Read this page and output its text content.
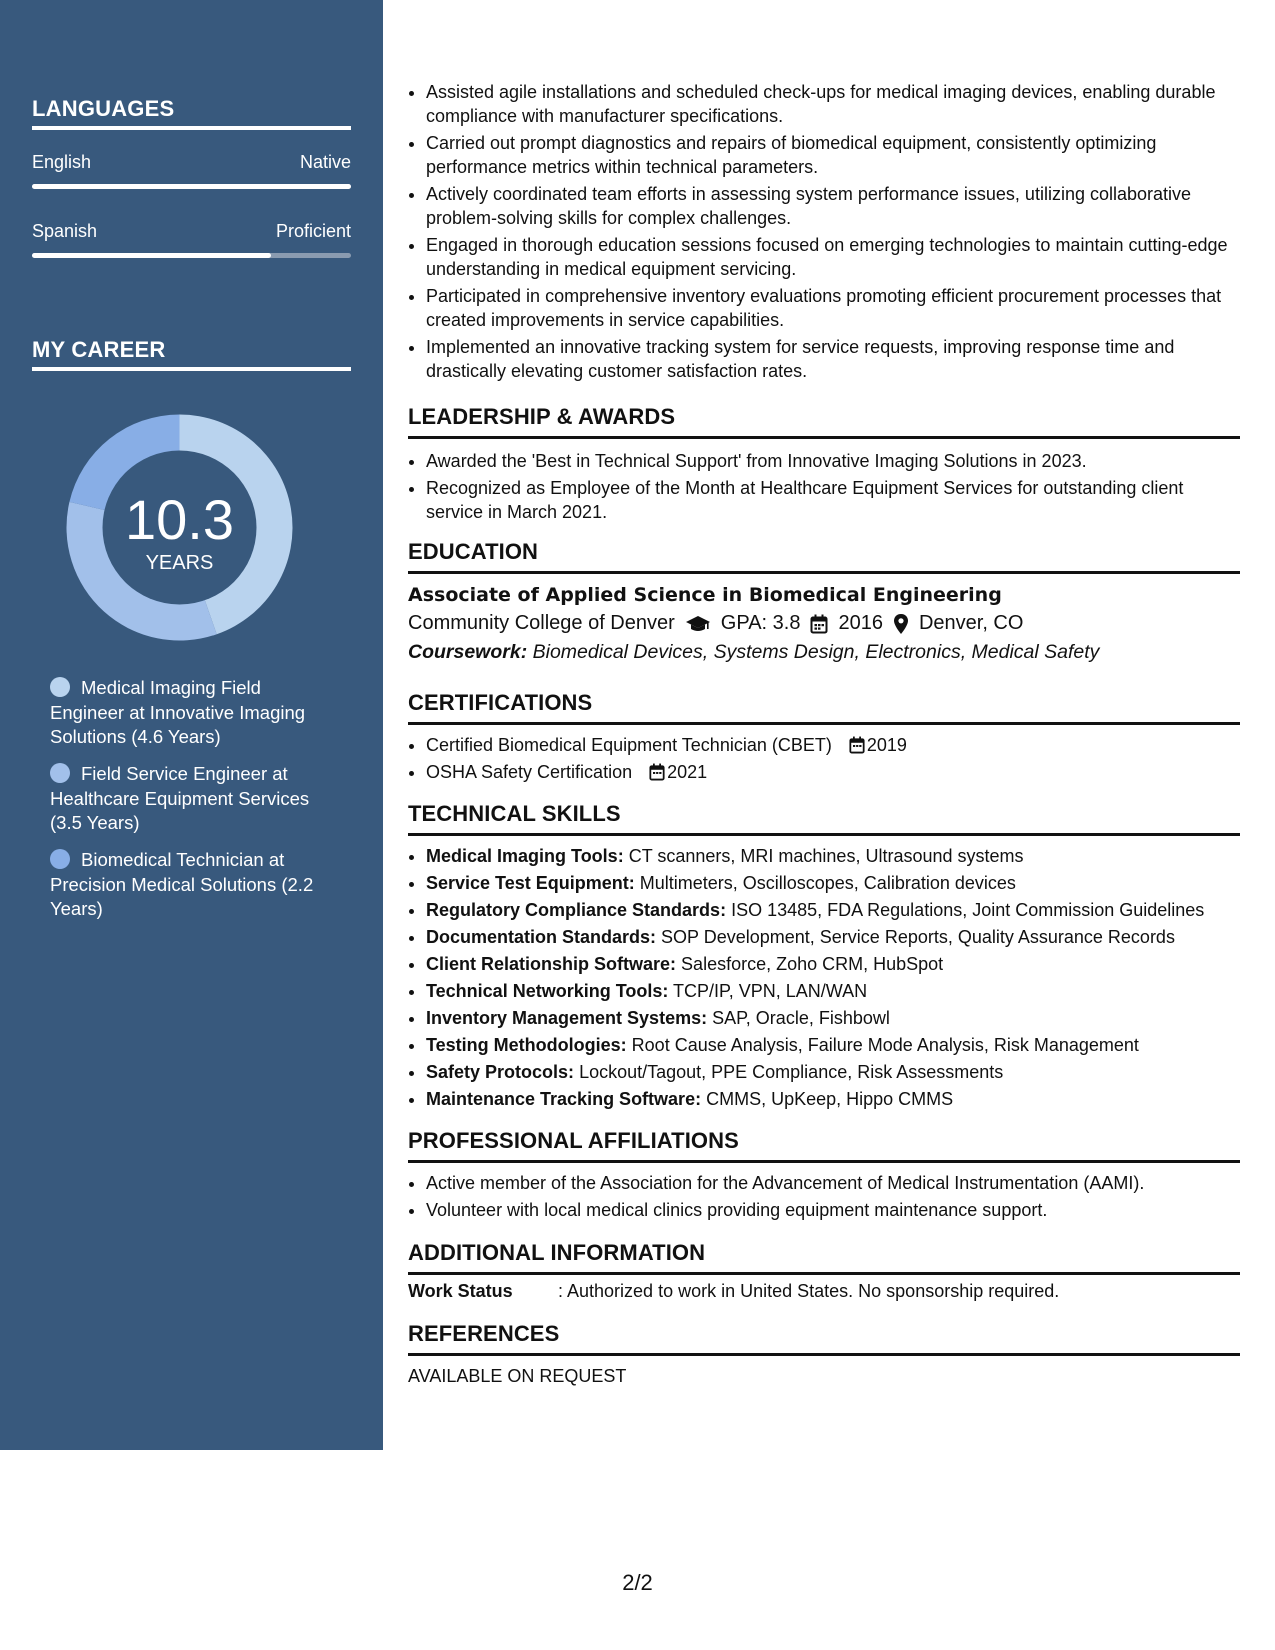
LANGUAGES
English	Native
Spanish	Proficient
MY CAREER
10.3
YEARS
Medical Imaging Field Engineer at Innovative Imaging Solutions (4.6 Years)
Field Service Engineer at Healthcare Equipment Services (3.5 Years)
Biomedical Technician at Precision Medical Solutions (2.2 Years)
• Assisted agile installations and scheduled check-ups for medical imaging devices, enabling durable compliance with manufacturer specifications.
• Carried out prompt diagnostics and repairs of biomedical equipment, consistently optimizing performance metrics within technical parameters.
• Actively coordinated team efforts in assessing system performance issues, utilizing collaborative problem-solving skills for complex challenges.
• Engaged in thorough education sessions focused on emerging technologies to maintain cutting-edge understanding in medical equipment servicing.
• Participated in comprehensive inventory evaluations promoting efficient procurement processes that created improvements in service capabilities.
• Implemented an innovative tracking system for service requests, improving response time and drastically elevating customer satisfaction rates.
LEADERSHIP & AWARDS
• Awarded the 'Best in Technical Support' from Innovative Imaging Solutions in 2023.
• Recognized as Employee of the Month at Healthcare Equipment Services for outstanding client service in March 2021.
EDUCATION
Associate of Applied Science in Biomedical Engineering
Community College of Denver GPA: 3.8 2016 Denver, CO
Coursework: Biomedical Devices, Systems Design, Electronics, Medical Safety
CERTIFICATIONS
• Certified Biomedical Equipment Technician (CBET) 2019
• OSHA Safety Certification 2021
TECHNICAL SKILLS
• Medical Imaging Tools: CT scanners, MRI machines, Ultrasound systems
• Service Test Equipment: Multimeters, Oscilloscopes, Calibration devices
• Regulatory Compliance Standards: ISO 13485, FDA Regulations, Joint Commission Guidelines
• Documentation Standards: SOP Development, Service Reports, Quality Assurance Records
• Client Relationship Software: Salesforce, Zoho CRM, HubSpot
• Technical Networking Tools: TCP/IP, VPN, LAN/WAN
• Inventory Management Systems: SAP, Oracle, Fishbowl
• Testing Methodologies: Root Cause Analysis, Failure Mode Analysis, Risk Management
• Safety Protocols: Lockout/Tagout, PPE Compliance, Risk Assessments
• Maintenance Tracking Software: CMMS, UpKeep, Hippo CMMS
PROFESSIONAL AFFILIATIONS
• Active member of the Association for the Advancement of Medical Instrumentation (AAMI).
• Volunteer with local medical clinics providing equipment maintenance support.
ADDITIONAL INFORMATION
Work Status	: Authorized to work in United States. No sponsorship required.
REFERENCES
AVAILABLE ON REQUEST
2/2
